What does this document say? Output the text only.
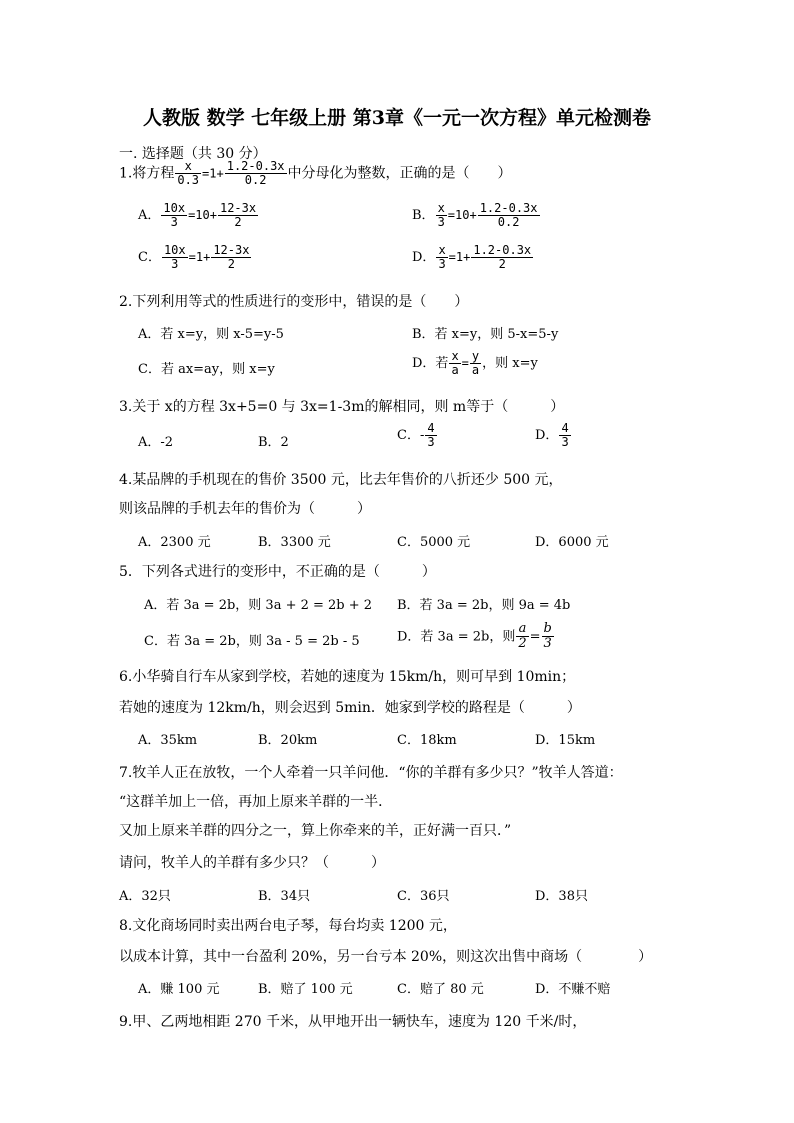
人教版 数学 七年级上册 第3章《一元一次方程》单元检测卷
一. 选择题（共 30 分）
1.将方程 $\frac{x}{0.3} =1+ \frac{1.2-0.3x}{0.2}$ 中分母化为整数，正确的是（　　）
A． $\frac{10x}{3} =10+ \frac{12-3x}{2}$	B． $\frac{x}{3} =10+ \frac{1.2-0.3x}{0.2}$
C． $\frac{10x}{3} =1+ \frac{12-3x}{2}$	D． $\frac{x}{3} =1+ \frac{1.2-0.3x}{2}$
2.下列利用等式的性质进行的变形中，错误的是（　　）
A．若 x=y，则 x-5=y-5	B．若 x=y，则 5-x=5-y
C．若 ax=ay，则 x=y	D．若 $\frac{x}{a} = \frac{y}{a}$ ，则 x=y
3.关于 x的方程 3x+5=0 与 3x=1-3m的解相同，则 m等于（　　　）
A．-2	B．2	C．- $\frac{4}{3}$	D． $\frac{4}{3}$
4.某品牌的手机现在的售价 3500 元，比去年售价的八折还少 500 元，
则该品牌的手机去年的售价为（　　　）
A．2300 元	B．3300 元	C．5000 元	D．6000 元
5．下列各式进行的变形中，不正确的是（　　　）
A．若 3a = 2b，则 3a + 2 = 2b + 2 B．若 3a = 2b，则 9a = 4b
C．若 3a = 2b，则 3a - 5 = 2b - 5	D．若 3a = 2b，则 $\frac{a}{2} = \frac{b}{3}$
6.小华骑自行车从家到学校，若她的速度为 15km/h，则可早到 10min；
若她的速度为 12km/h，则会迟到 5min．她家到学校的路程是（　　　）
A．35km	B．20km	C．18km	D．15km
7.牧羊人正在放牧，一个人牵着一只羊问他．“你的羊群有多少只？”牧羊人答道：
“这群羊加上一倍，再加上原来羊群的一半．
又加上原来羊群的四分之一，算上你牵来的羊，正好满一百只．”
请问，牧羊人的羊群有多少只？（　　　）
A．32只	B．34只	C．36只	D．38只
8.文化商场同时卖出两台电子琴，每台均卖 1200 元，
以成本计算，其中一台盈利 20%，另一台亏本 20%，则这次出售中商场（　　　　）
A．赚 100 元	B．赔了 100 元	C．赔了 80 元	D．不赚不赔
9.甲、乙两地相距 270 千米，从甲地开出一辆快车，速度为 120 千米/时，
